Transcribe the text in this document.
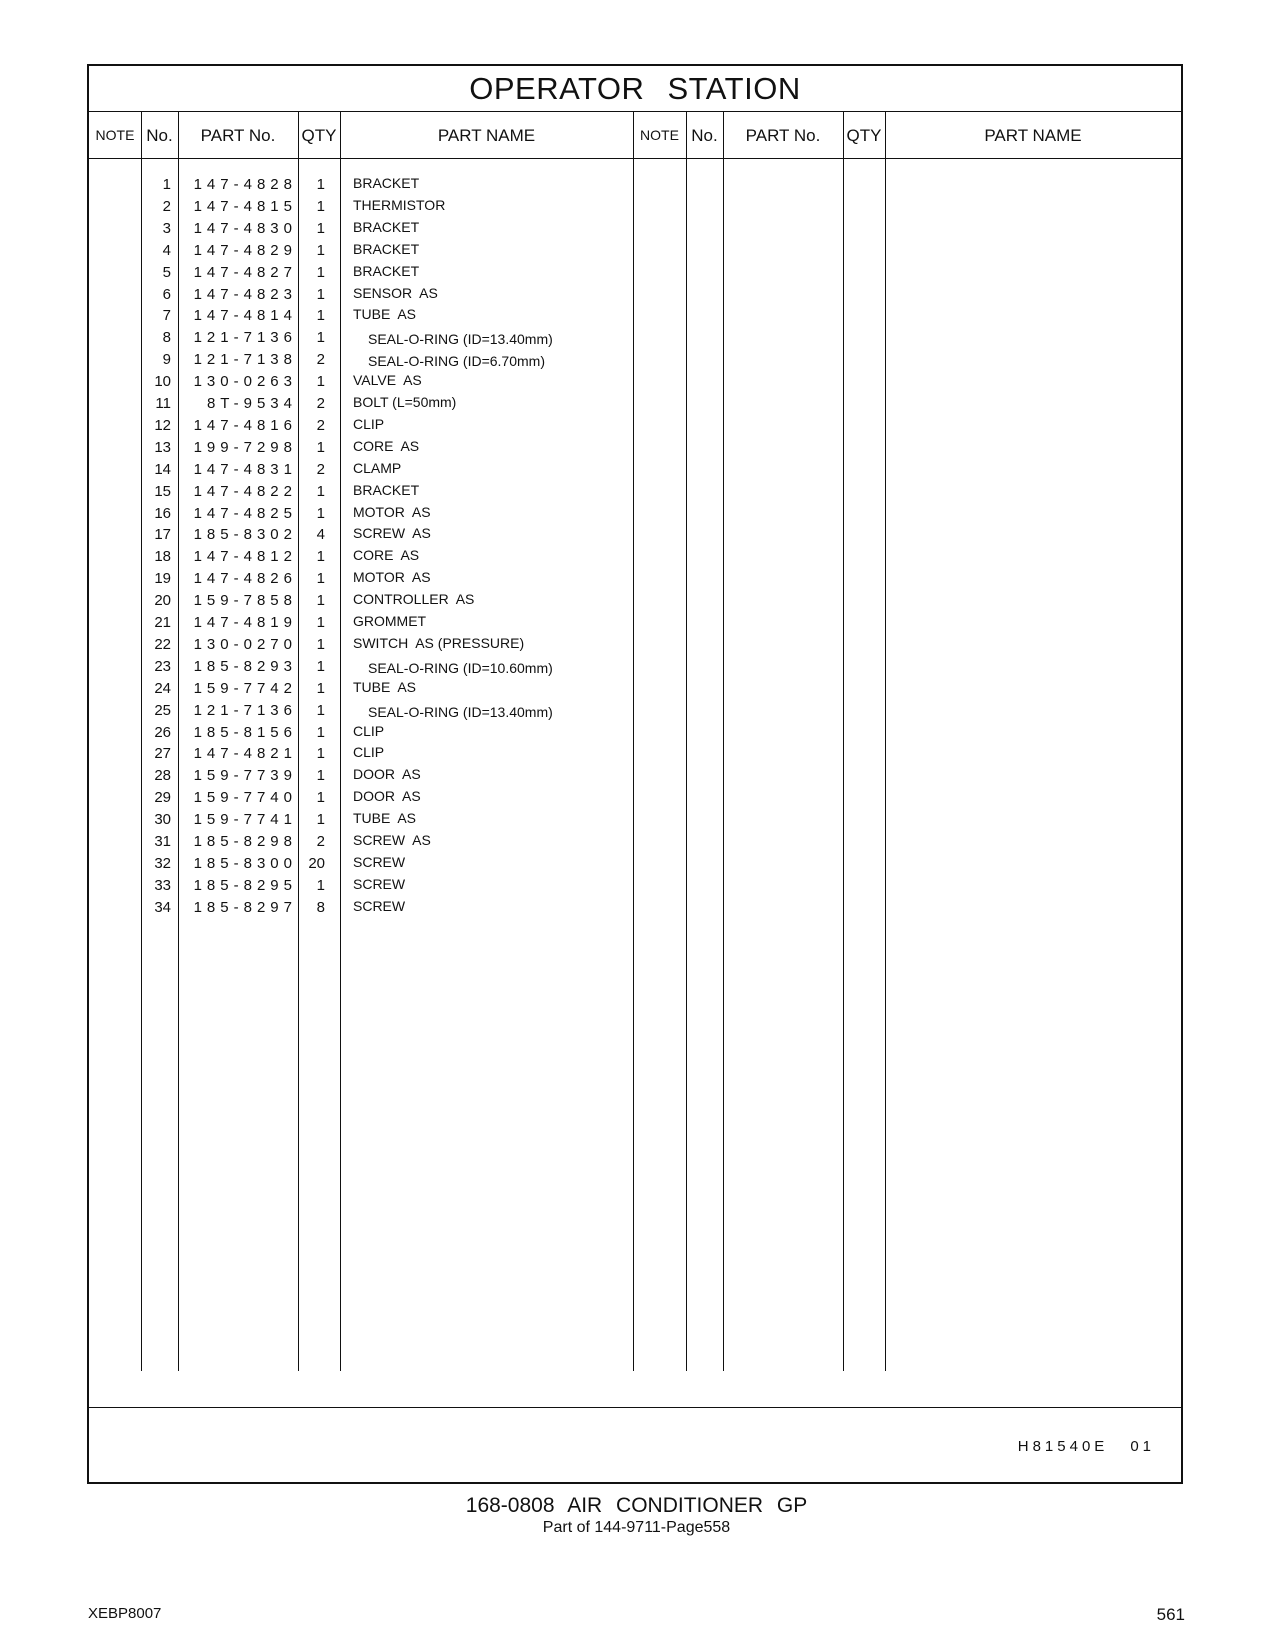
OPERATOR STATION
NOTE No.	PART No.	QTY	PART NAME	NOTE No.	PART No.	QTY	PART NAME
1 147-4828	1 BRACKET
2 147-4815	1 THERMISTOR
3 147-4830	1 BRACKET
4 147-4829	1 BRACKET
5 147-4827	1 BRACKET
6 147-4823	1 SENSOR  AS
7 147-4814	1 TUBE  AS
8 121-7136	1	SEAL-O-RING (ID=13.40mm)
9 121-7138	2	SEAL-O-RING (ID=6.70mm)
10 130-0263	1 VALVE  AS
11	8T-9534	2 BOLT (L=50mm)
12 147-4816	2 CLIP
13 199-7298	1 CORE  AS
14 147-4831	2 CLAMP
15 147-4822	1 BRACKET
16 147-4825	1 MOTOR  AS
17 185-8302	4 SCREW  AS
18 147-4812	1 CORE  AS
19 147-4826	1 MOTOR  AS
20 159-7858	1 CONTROLLER  AS
21 147-4819	1 GROMMET
22 130-0270	1 SWITCH  AS (PRESSURE)
23 185-8293	1	SEAL-O-RING (ID=10.60mm)
24 159-7742	1 TUBE  AS
25 121-7136	1	SEAL-O-RING (ID=13.40mm)
26 185-8156	1 CLIP
27 147-4821	1 CLIP
28 159-7739	1 DOOR  AS
29 159-7740	1 DOOR  AS
30 159-7741	1 TUBE  AS
31 185-8298	2 SCREW  AS
32 185-8300 20 SCREW
33 185-8295	1 SCREW
34 185-8297	8 SCREW
H81540E 01
168-0808 AIR CONDITIONER GP
Part of 144-9711-Page558
XEBP8007	561
